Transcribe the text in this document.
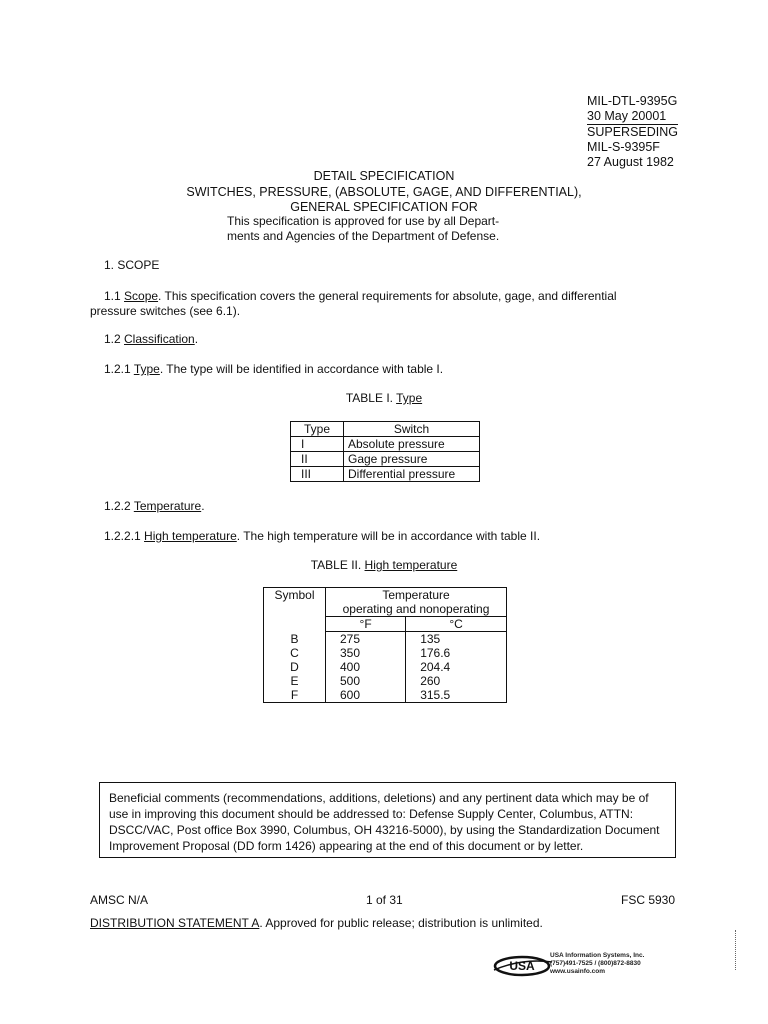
MIL-DTL-9395G
30 May 20001
SUPERSEDING
MIL-S-9395F
27 August 1982
DETAIL SPECIFICATION
SWITCHES, PRESSURE, (ABSOLUTE, GAGE, AND DIFFERENTIAL),
GENERAL SPECIFICATION FOR
This specification is approved for use by all Depart-
ments and Agencies of the Department of Defense.
1. SCOPE
1.1 Scope. This specification covers the general requirements for absolute, gage, and differential
pressure switches (see 6.1).
1.2 Classification.
1.2.1 Type. The type will be identified in accordance with table I.
TABLE I. Type
Type	Switch
I	Absolute pressure
II	Gage pressure
III	Differential pressure
1.2.2 Temperature.
1.2.2.1 High temperature. The high temperature will be in accordance with table II.
TABLE II. High temperature
Symbol	Temperature	
	operating and nonoperating	
	°F	°C
B	275	135
C	350	176.6
D	400	204.4
E	500	260
F	600	315.5
Beneficial comments (recommendations, additions, deletions) and any pertinent data which may be of
use in improving this document should be addressed to: Defense Supply Center, Columbus, ATTN:
DSCC/VAC, Post office Box 3990, Columbus, OH 43216-5000), by using the Standardization Document
Improvement Proposal (DD form 1426) appearing at the end of this document or by letter.
AMSC N/A	1 of 31	FSC 5930
DISTRIBUTION STATEMENT A. Approved for public release; distribution is unlimited.
USA
USA Information Systems, Inc.
(757)491-7525 / (800)872-8830
www.usainfo.com
